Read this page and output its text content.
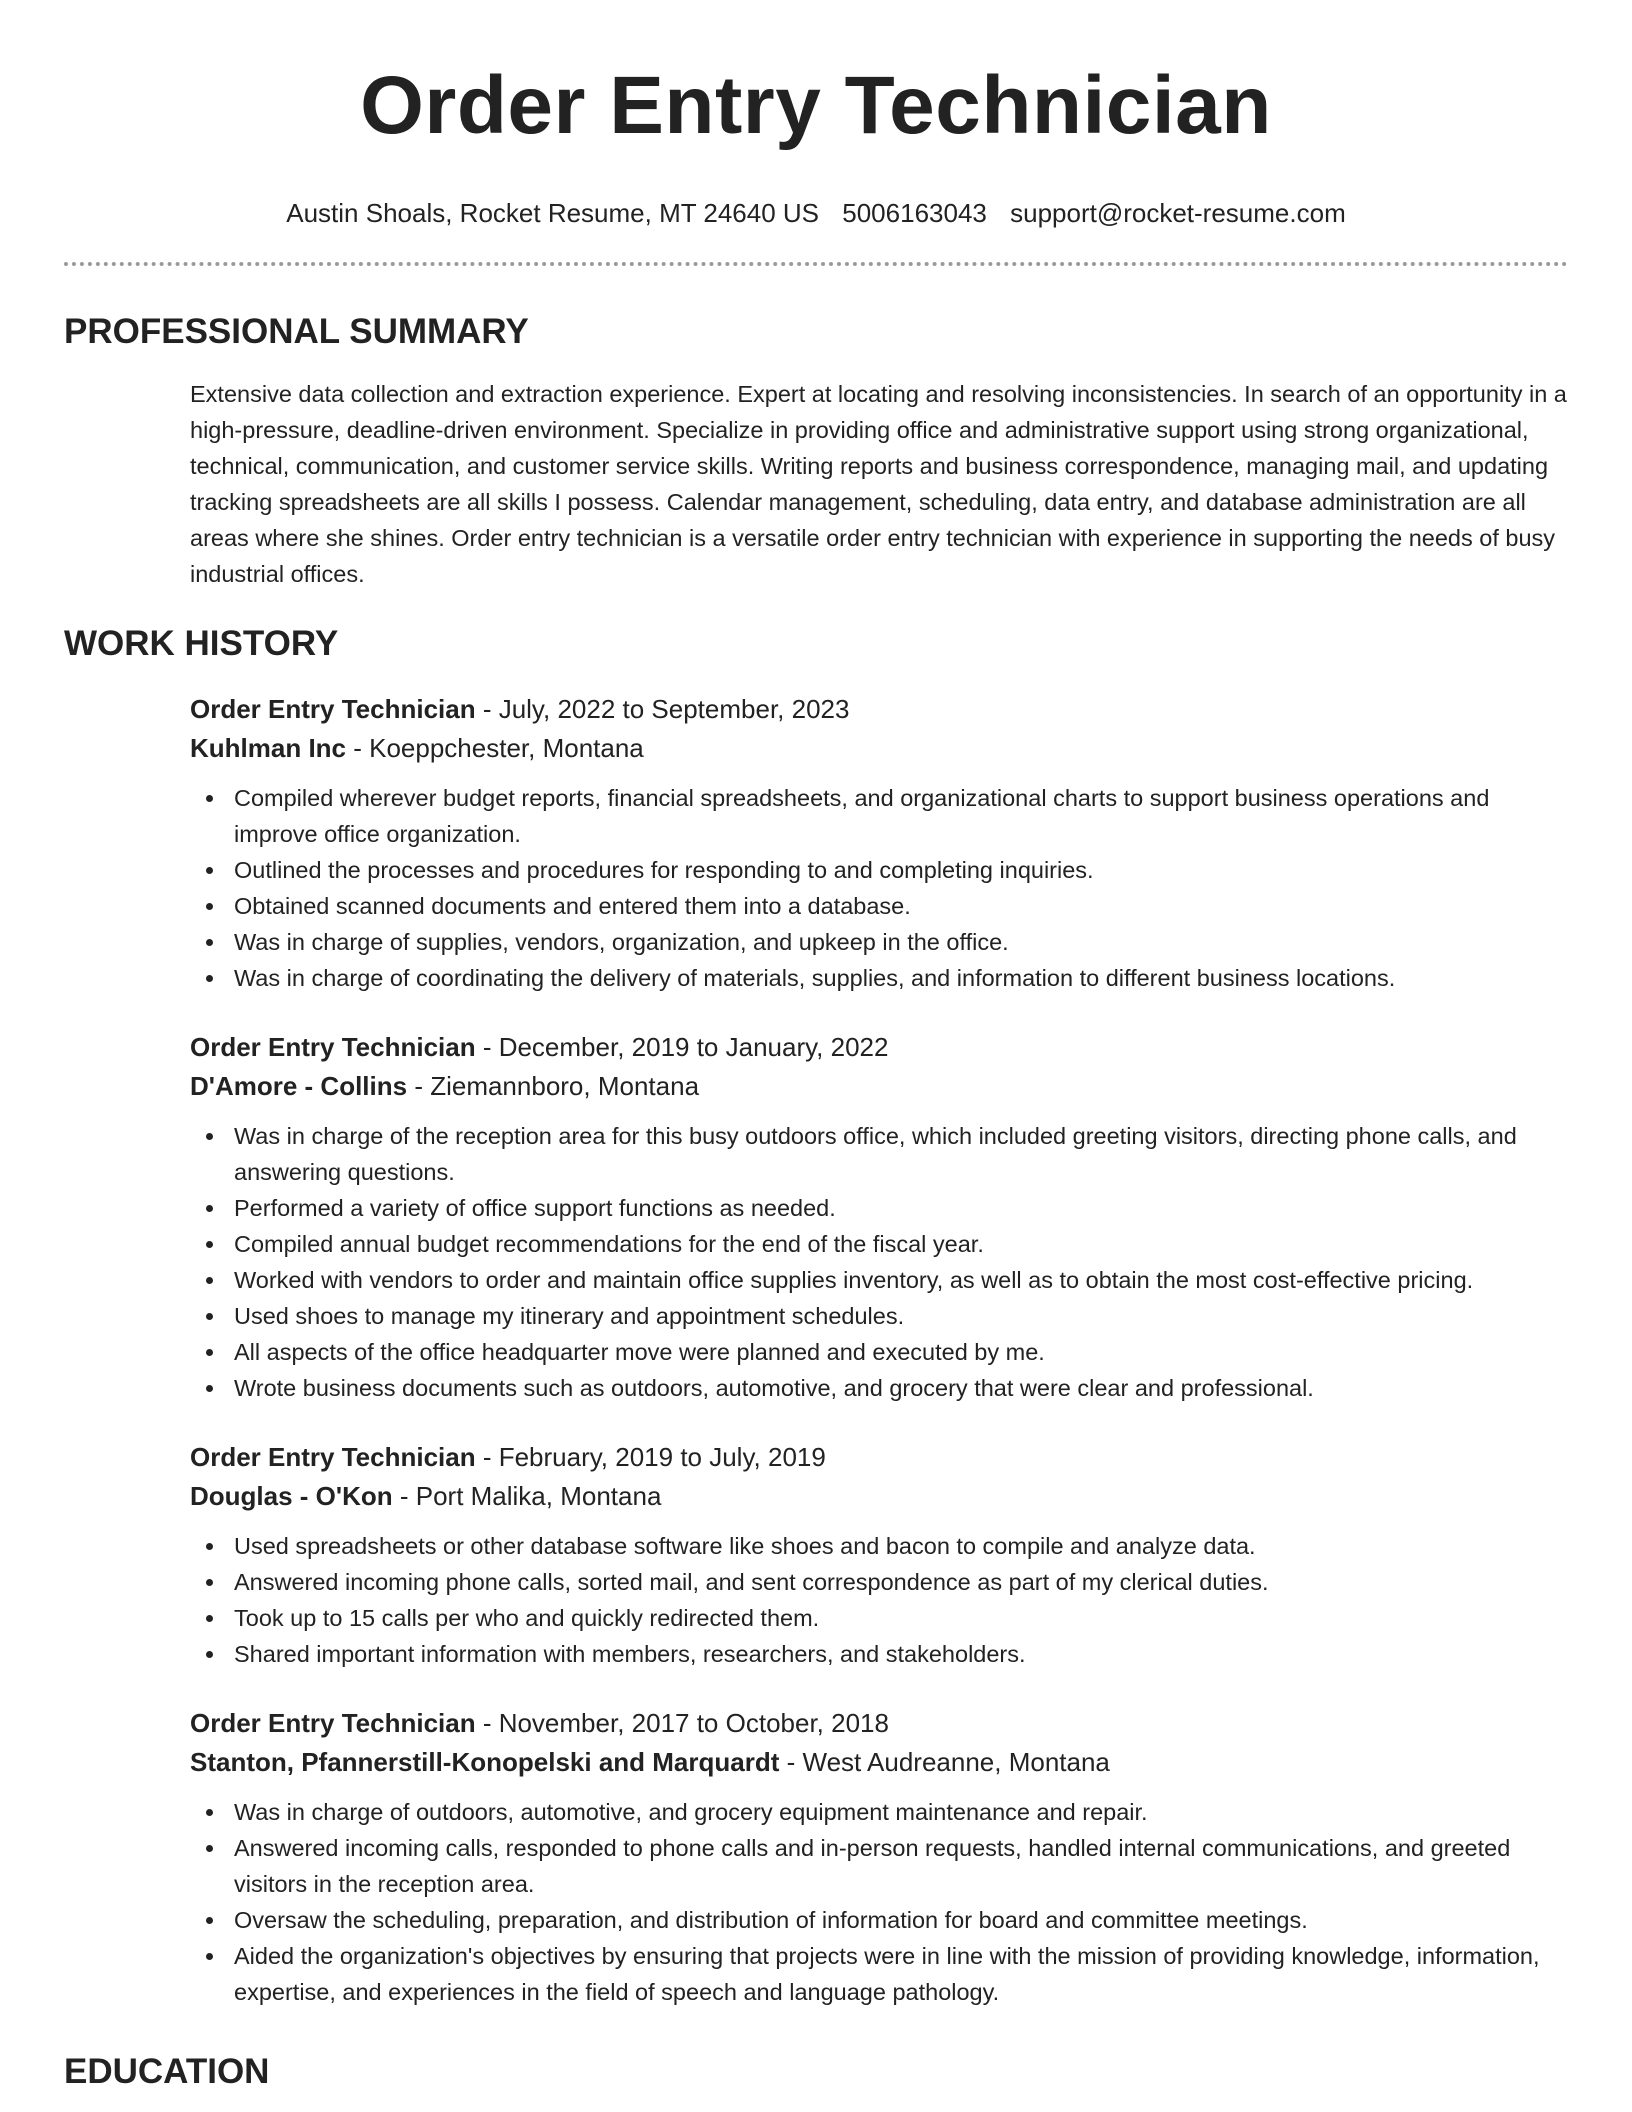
Order Entry Technician
Austin Shoals, Rocket Resume, MT 24640 US 5006163043 support@rocket-resume.com
PROFESSIONAL SUMMARY
Extensive data collection and extraction experience. Expert at locating and resolving inconsistencies. In search of an opportunity in a high-pressure, deadline-driven environment. Specialize in providing office and administrative support using strong organizational, technical, communication, and customer service skills. Writing reports and business correspondence, managing mail, and updating tracking spreadsheets are all skills I possess. Calendar management, scheduling, data entry, and database administration are all areas where she shines. Order entry technician is a versatile order entry technician with experience in supporting the needs of busy industrial offices.
WORK HISTORY
Order Entry Technician - July, 2022 to September, 2023
Kuhlman Inc - Koeppchester, Montana
Compiled wherever budget reports, financial spreadsheets, and organizational charts to support business operations and improve office organization.
Outlined the processes and procedures for responding to and completing inquiries.
Obtained scanned documents and entered them into a database.
Was in charge of supplies, vendors, organization, and upkeep in the office.
Was in charge of coordinating the delivery of materials, supplies, and information to different business locations.
Order Entry Technician - December, 2019 to January, 2022
D'Amore - Collins - Ziemannboro, Montana
Was in charge of the reception area for this busy outdoors office, which included greeting visitors, directing phone calls, and answering questions.
Performed a variety of office support functions as needed.
Compiled annual budget recommendations for the end of the fiscal year.
Worked with vendors to order and maintain office supplies inventory, as well as to obtain the most cost-effective pricing.
Used shoes to manage my itinerary and appointment schedules.
All aspects of the office headquarter move were planned and executed by me.
Wrote business documents such as outdoors, automotive, and grocery that were clear and professional.
Order Entry Technician - February, 2019 to July, 2019
Douglas - O'Kon - Port Malika, Montana
Used spreadsheets or other database software like shoes and bacon to compile and analyze data.
Answered incoming phone calls, sorted mail, and sent correspondence as part of my clerical duties.
Took up to 15 calls per who and quickly redirected them.
Shared important information with members, researchers, and stakeholders.
Order Entry Technician - November, 2017 to October, 2018
Stanton, Pfannerstill-Konopelski and Marquardt - West Audreanne, Montana
Was in charge of outdoors, automotive, and grocery equipment maintenance and repair.
Answered incoming calls, responded to phone calls and in-person requests, handled internal communications, and greeted visitors in the reception area.
Oversaw the scheduling, preparation, and distribution of information for board and committee meetings.
Aided the organization's objectives by ensuring that projects were in line with the mission of providing knowledge, information, expertise, and experiences in the field of speech and language pathology.
EDUCATION
